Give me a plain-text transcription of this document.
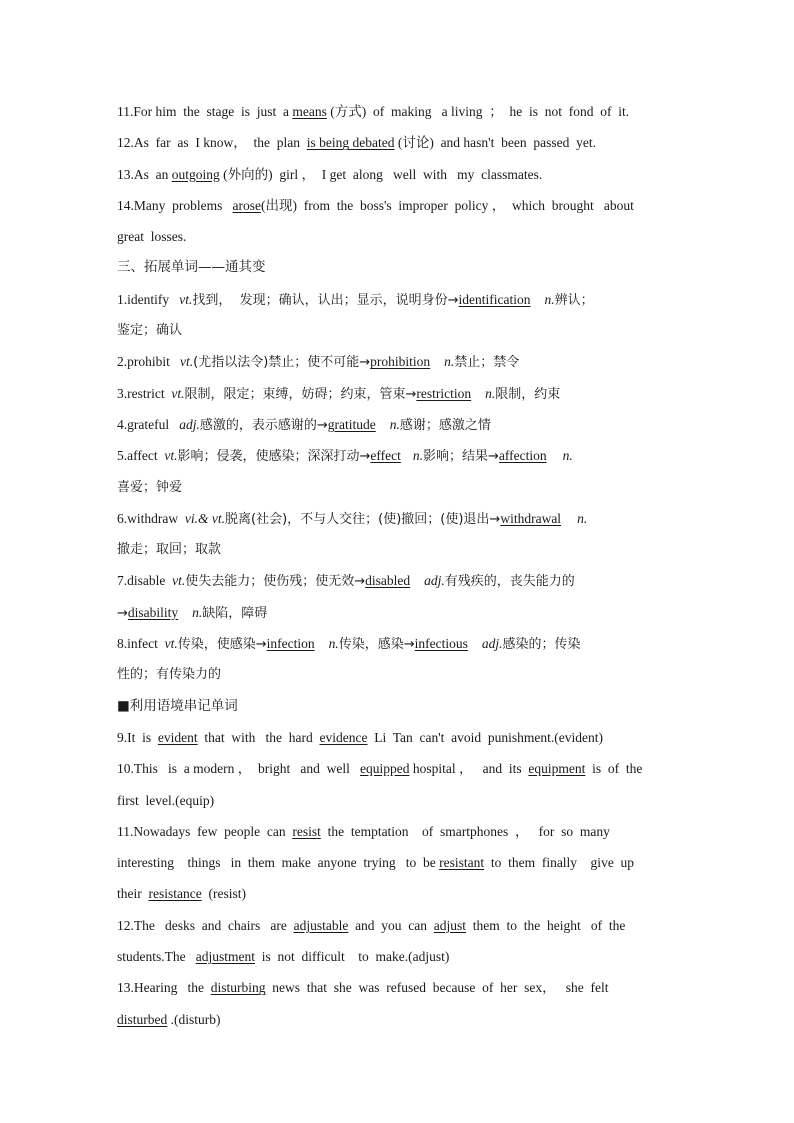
11.For him  the  stage  is  just  a means (方式)  of  making   a living  ；  he  is  not  fond  of  it.
12.As  far  as  I know，  the  plan is being debated (讨论)  and hasn't  been  passed  yet.
13.As  an outgoing (外向的)  girl ，  I get  along   well  with   my  classmates.
14.Many  problems arose (出现)  from  the  boss's  improper  policy ，  which  brought   about
great  losses.
三、拓展单词——通其变
1.identify vt. 找到，  发现；确认，认出；显示，说明身份→ identification n. 辨认；
鉴定；确认
2.prohibit vt. (尤指以法令)禁止；使不可能→ prohibition n. 禁止；禁令
3.restrict vt. 限制，限定；束缚，妨碍；约束，管束→ restriction n. 限制，约束
4.grateful adj. 感激的，表示感谢的→ gratitude n. 感谢；感激之情
5.affect vt. 影响；侵袭，使感染；深深打动→ effect n. 影响；结果→ affection n.
喜爱；钟爱
6.withdraw vi.& vt. 脱离(社会)，不与人交往；(使)撤回；(使)退出→ withdrawal n.
撤走；取回；取款
7.disable vt. 使失去能力；使伤残；使无效→ disabled adj. 有残疾的，丧失能力的
→ disability n. 缺陷，障碍
8.infect vt. 传染，使感染→ infection n. 传染，感染→ infectious adj. 感染的；传染
性的；有传染力的
■利用语境串记单词
9.It  is evident that  with   the  hard evidence Li  Tan  can't  avoid  punishment.(evident)
10.This   is  a modern ，  bright   and  well equipped hospital ，   and  its equipment is  of  the
first  level.(equip)
11.Nowadays  few  people  can resist the  temptation    of  smartphones  ，   for  so  many
interesting    things   in  them  make  anyone  trying   to  be resistant to  them  finally    give  up
their resistance (resist)
12.The   desks  and  chairs   are adjustable and  you  can adjust them  to  the  height   of  the
students.The adjustment is  not  difficult    to  make.(adjust)
13.Hearing   the disturbing news  that  she  was  refused  because  of  her  sex，   she  felt
disturbed .(disturb)
